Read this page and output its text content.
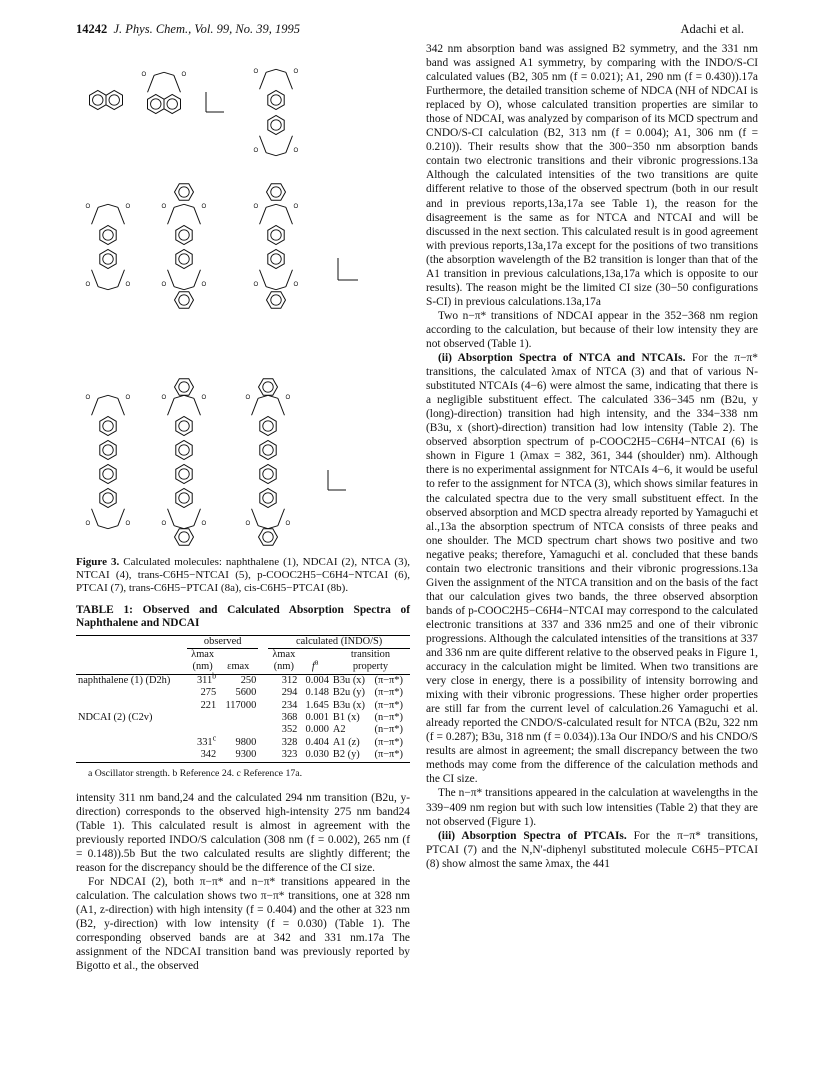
14242 J. Phys. Chem., Vol. 99, No. 39, 1995	Adachi et al.
O	O	O	O
O	O
O	O
O	O
O	O
O	O
O	O
O	O
O	O
O	O
O	O
O	O
O	O
O	O
Figure 3. Calculated molecules: naphthalene (1), NDCAI (2), NTCA (3), NTCAI (4), trans-C6H5−NTCAI (5), p-COOC2H5−C6H4−NTCAI (6), PTCAI (7), trans-C6H5−PTCAI (8a), cis-C6H5−PTCAI (8b).
TABLE 1: Observed and Calculated Absorption Spectra of Naphthalene and NDCAI
	observed			calculated (INDO/S)			
	λmax			λmax		transition	
	(nm)	εmax		(nm)	$f^a$	property	
naphthalene (1) (D2h)	311$^b$	250		312	0.004	B3u (x)	(π−π*)
	275	5600		294	0.148	B2u (y)	(π−π*)
	221	117000		234	1.645	B3u (x)	(π−π*)
NDCAI (2) (C2v)				368	0.001	B1 (x)	(n−π*)
				352	0.000	A2	(n−π*)
	331$^c$	9800		328	0.404	A1 (z)	(π−π*)
	342	9300		323	0.030	B2 (y)	(π−π*)
a Oscillator strength. b Reference 24. c Reference 17a.

intensity 311 nm band,24 and the calculated 294 nm transition (B2u, y-direction) corresponds to the observed high-intensity 275 nm band24 (Table 1). This calculated result is almost in agreement with the previously reported INDO/S calculation (308 nm (f = 0.002), 265 nm (f = 0.148)).5b But the two calculated results are slightly different; the reason for the discrepancy should be the difference of the CI size.

For NDCAI (2), both π−π* and n−π* transitions appeared in the calculation. The calculation shows two π−π* transitions, one at 328 nm (A1, z-direction) with high intensity (f = 0.404) and the other at 323 nm (B2, y-direction) with low intensity (f = 0.030) (Table 1). The corresponding observed bands are at 342 and 331 nm.17a The assignment of the NDCAI transition band was previously reported by Bigotto et al., the observed

342 nm absorption band was assigned B2 symmetry, and the 331 nm band was assigned A1 symmetry, by comparing with the INDO/S-CI calculated values (B2, 305 nm (f = 0.021); A1, 290 nm (f = 0.430)).17a Furthermore, the detailed transition scheme of NDCA (NH of NDCAI is replaced by O), whose calculated transition properties are similar to those of NDCAI, was analyzed by comparison of its MCD spectrum and CNDO/S-CI calculation (B2, 313 nm (f = 0.004); A1, 306 nm (f = 0.210)). Their results show that the 300−350 nm absorption bands contain two electronic transitions and their vibronic progressions.13a Although the calculated intensities of the two transitions are quite different relative to those of the observed spectrum (both in our result and in previous reports,13a,17a see Table 1), the reason for the disagreement is the same as for NTCA and NTCAI and will be discussed in the next section. This calculated result is in good agreement with previous reports,13a,17a except for the positions of two transitions (the absorption wavelength of the B2 transition is longer than that of the A1 transition in previous calculations,13a,17a which is opposite to our results). The reason might be the limited CI size (30−50 configurations S-CI) in previous calculations.13a,17a

Two n−π* transitions of NDCAI appear in the 352−368 nm region according to the calculation, but because of their low intensity they are not observed (Table 1).

(ii) Absorption Spectra of NTCA and NTCAIs. For the π−π* transitions, the calculated λmax of NTCA (3) and that of various N-substituted NTCAIs (4−6) were almost the same, indicating that there is a negligible substituent effect. The calculated 336−345 nm (B2u, y (long)-direction) transition had high intensity, and the 334−338 nm (B3u, x (short)-direction) transition had low intensity (Table 2). The observed absorption spectrum of p-COOC2H5−C6H4−NTCAI (6) is shown in Figure 1 (λmax = 382, 361, 344 (shoulder) nm). Although there is no experimental assignment for NTCAIs 4−6, it would be useful to refer to the assignment for NTCA (3), which shows similar features in the calculated spectra due to the very small substituent effect. In the observed absorption and MCD spectra already reported by Yamaguchi et al.,13a the absorption spectrum of NTCA consists of three peaks and one shoulder. The MCD spectrum chart shows two positive and two negative peaks; therefore, Yamaguchi et al. concluded that these bands contain two electronic transitions and their vibronic progressions.13a Given the assignment of the NTCA transition and on the basis of the fact that our calculation gives two bands, the three observed absorption bands of p-COOC2H5−C6H4−NTCAI may correspond to the calculated electronic transitions at 337 and 336 nm25 and one of their vibronic progressions. Although the calculated intensities of the transitions at 337 and 336 nm are quite different relative to the observed peaks in Figure 1, accuracy in the calculation might be limited. When two transitions are very close in energy, there is a possibility of intensity borrowing and mixing with their vibronic progressions. These higher order properties are still far from the current level of calculation.26 Yamaguchi et al. already reported the CNDO/S-calculated result for NTCA (B2u, 322 nm (f = 0.287); B3u, 318 nm (f = 0.034)).13a Our INDO/S and his CNDO/S results are almost in agreement; the small discrepancy between the two methods may come from the difference of the calculation methods and the CI size.

The n−π* transitions appeared in the calculation at wavelengths in the 339−409 nm region but with such low intensities (Table 2) that they are not observed (Figure 1).

(iii) Absorption Spectra of PTCAIs. For the π−π* transitions, PTCAI (7) and the N,N'-diphenyl substituted molecule C6H5−PTCAI (8) show almost the same λmax, the 441
